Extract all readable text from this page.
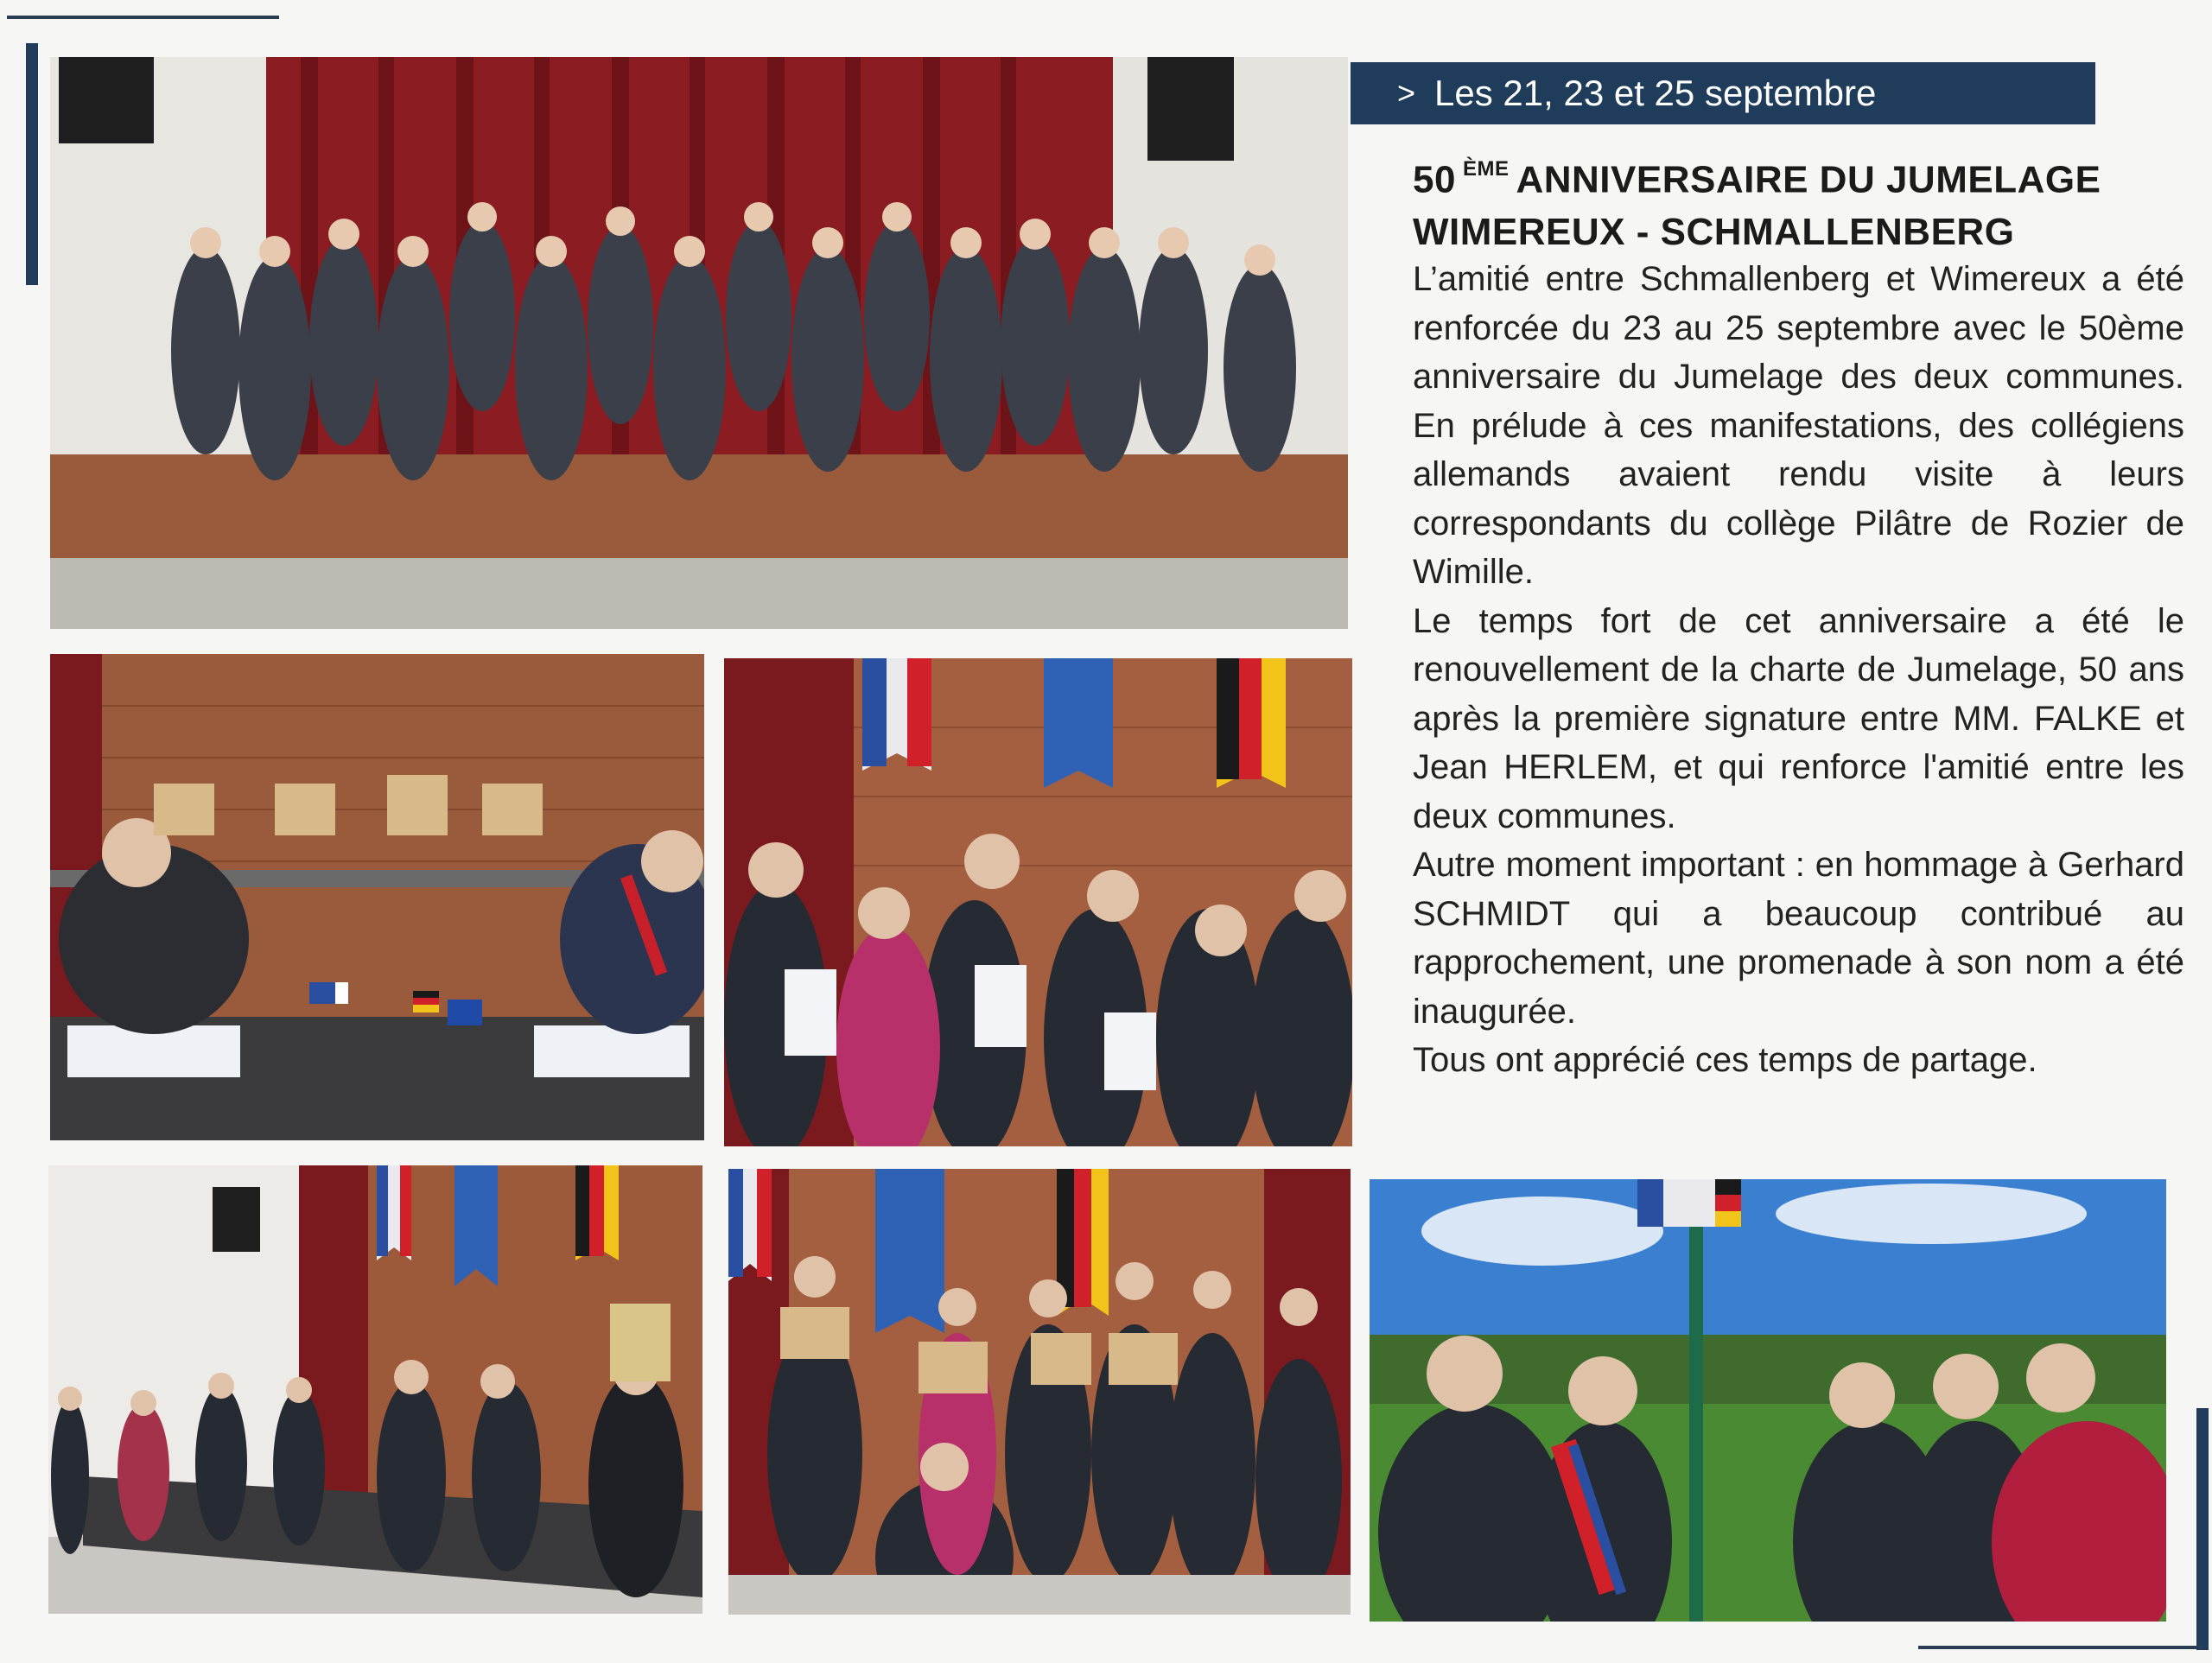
> Les 21, 23 et 25 septembre
50 $^{ÈME}$ ANNIVERSAIRE DU JUMELAGE
WIMEREUX - SCHMALLENBERG

L’amitié entre Schmallenberg et Wimereux a été renforcée du 23 au 25 septembre avec le 50ème anniversaire du Jumelage des deux communes. En prélude à ces manifestations, des collégiens allemands avaient rendu visite à leurs correspondants du collège Pilâtre de Rozier de Wimille.

Le temps fort de cet anniversaire a été le renouvellement de la charte de Jumelage, 50 ans après la première signature entre MM. FALKE et Jean HERLEM, et qui renforce l'amitié entre les deux communes.

Autre moment important : en hommage à Gerhard SCHMIDT qui a beaucoup contribué au rapprochement, une promenade à son nom a été inaugurée.

Tous ont apprécié ces temps de partage.
